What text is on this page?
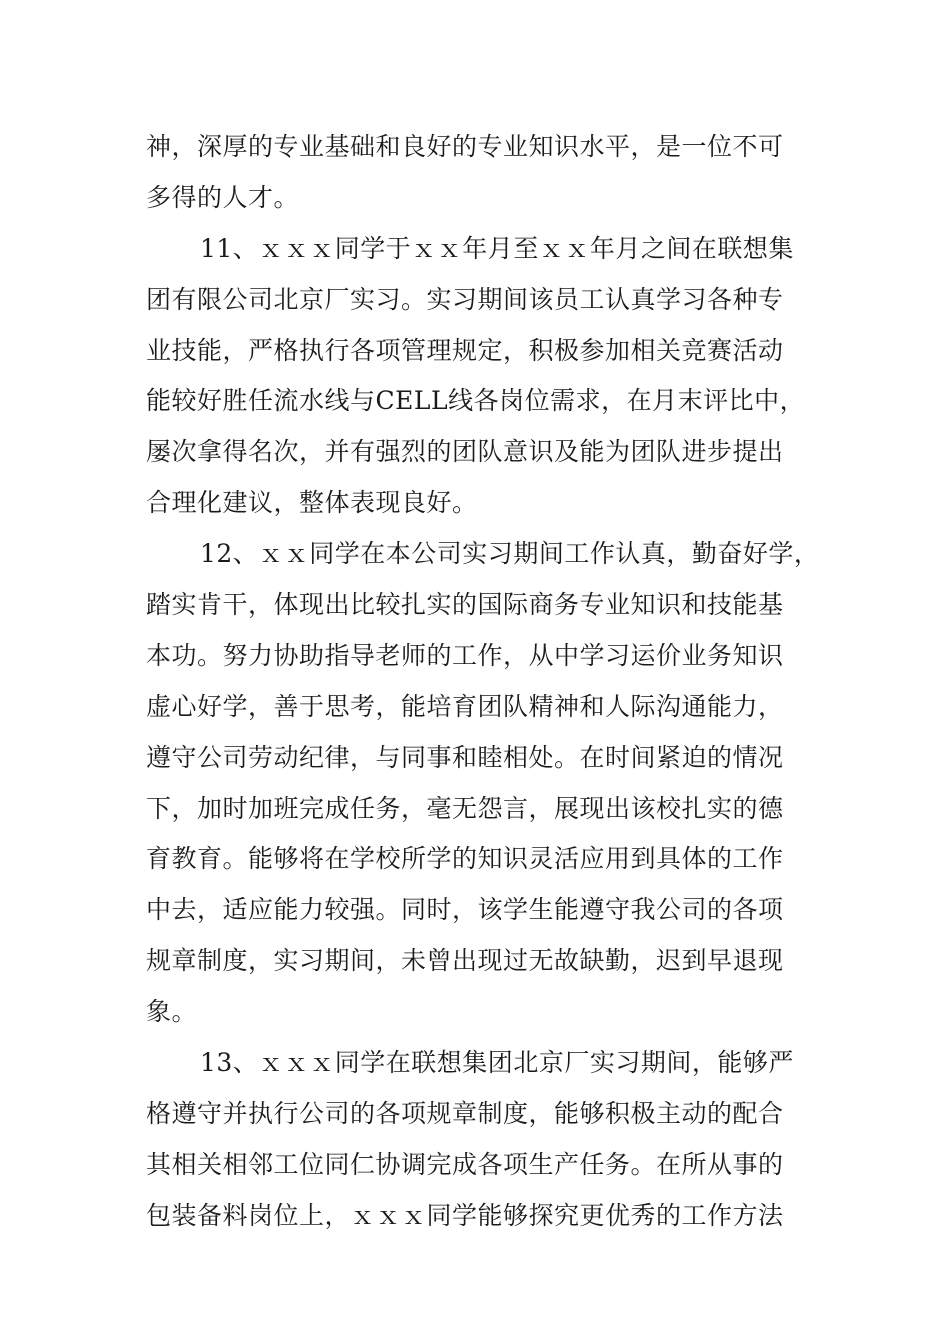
神，深厚的专业基础和良好的专业知识水平，是一位不可
多得的人才。
11、ｘｘｘ同学于ｘｘ年月至ｘｘ年月之间在联想集
团有限公司北京厂实习。实习期间该员工认真学习各种专
业技能，严格执行各项管理规定，积极参加相关竞赛活动
能较好胜任流水线与CELL线各岗位需求，在月末评比中，
屡次拿得名次，并有强烈的团队意识及能为团队进步提出
合理化建议，整体表现良好。
12、ｘｘ同学在本公司实习期间工作认真，勤奋好学，
踏实肯干，体现出比较扎实的国际商务专业知识和技能基
本功。努力协助指导老师的工作，从中学习运价业务知识
虚心好学，善于思考，能培育团队精神和人际沟通能力，
遵守公司劳动纪律，与同事和睦相处。在时间紧迫的情况
下，加时加班完成任务，毫无怨言，展现出该校扎实的德
育教育。能够将在学校所学的知识灵活应用到具体的工作
中去，适应能力较强。同时，该学生能遵守我公司的各项
规章制度，实习期间，未曾出现过无故缺勤，迟到早退现
象。
13、ｘｘｘ同学在联想集团北京厂实习期间，能够严
格遵守并执行公司的各项规章制度，能够积极主动的配合
其相关相邻工位同仁协调完成各项生产任务。在所从事的
包装备料岗位上，ｘｘｘ同学能够探究更优秀的工作方法
